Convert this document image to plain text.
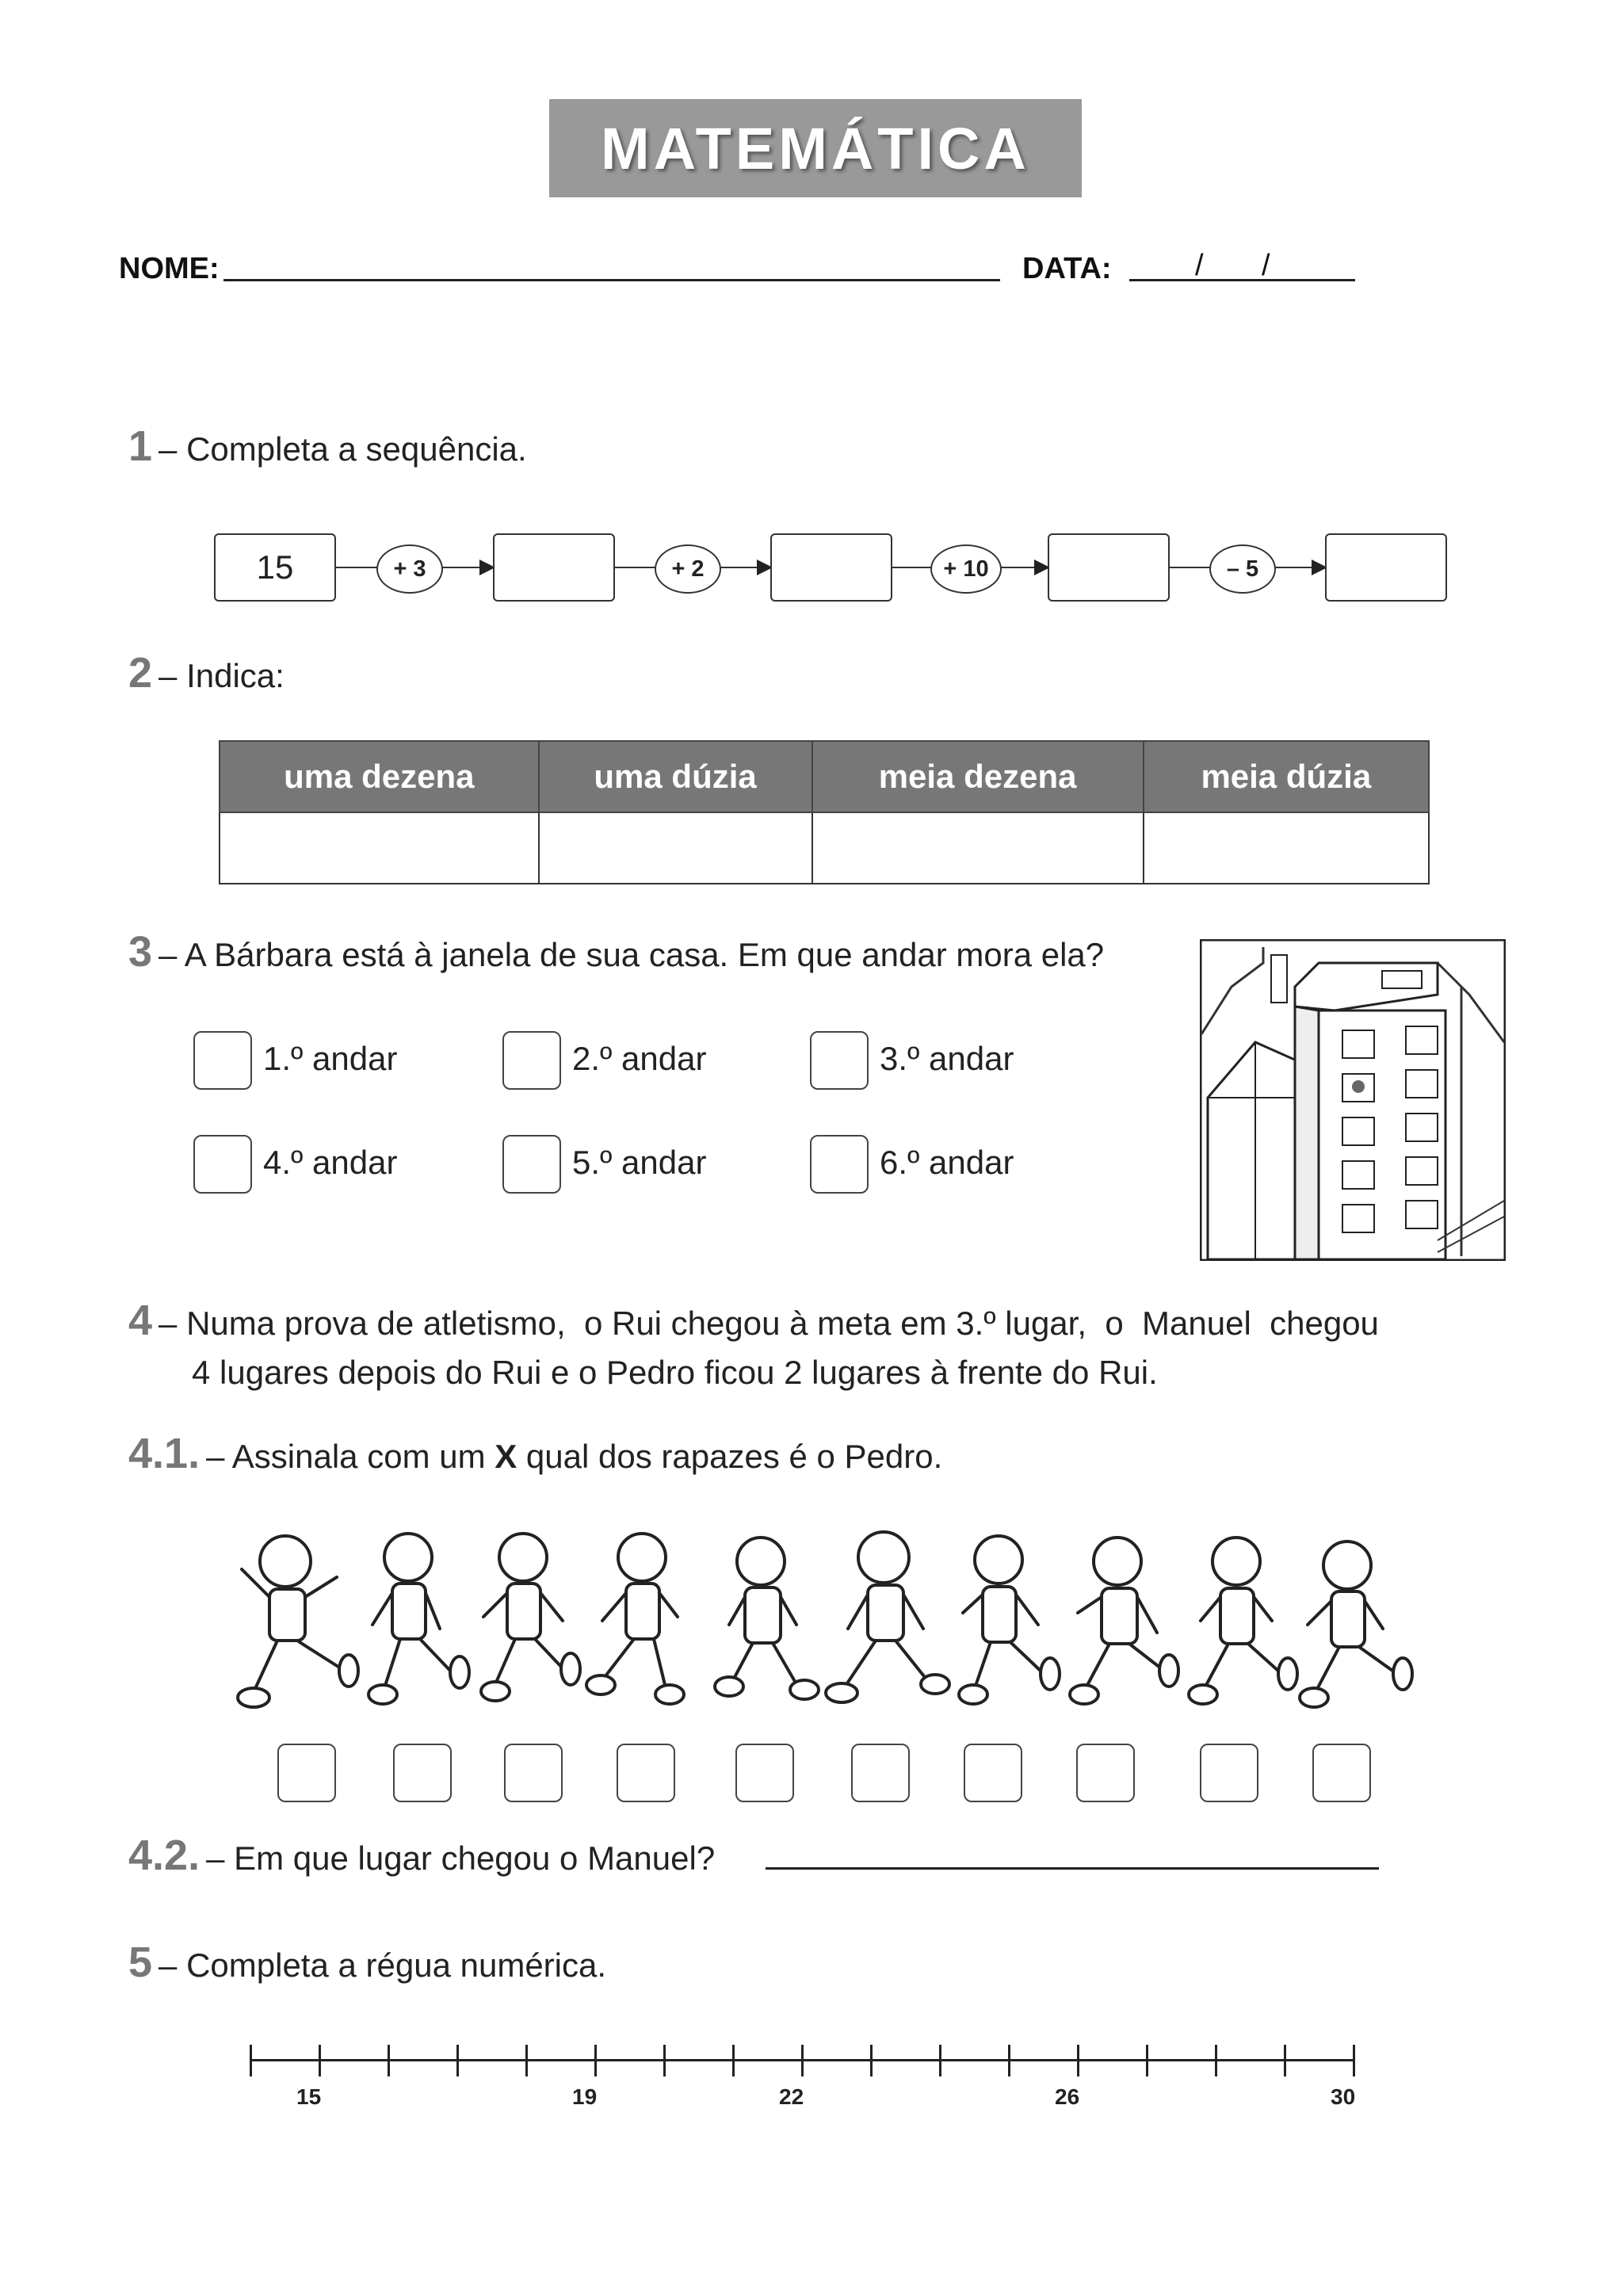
MATEMÁTICA
NOME:	DATA:	/ /
1 – Completa a sequência.
15	+ 3	+ 2	+ 10	– 5
2 – Indica:
uma dezena	uma dúzia	meia dezena	meia dúzia

3 – A Bárbara está à janela de sua casa. Em que andar mora ela?
1.º andar	2.º andar	3.º andar
4.º andar	5.º andar	6.º andar
4 – Numa prova de atletismo,  o Rui chegou à meta em 3.º lugar,  o  Manuel  chegou
4 lugares depois do Rui e o Pedro ficou 2 lugares à frente do Rui.
4.1. – Assinala com um X qual dos rapazes é o Pedro.
4.2. – Em que lugar chegou o Manuel?
5 – Completa a régua numérica.
15	19	22	26	30
